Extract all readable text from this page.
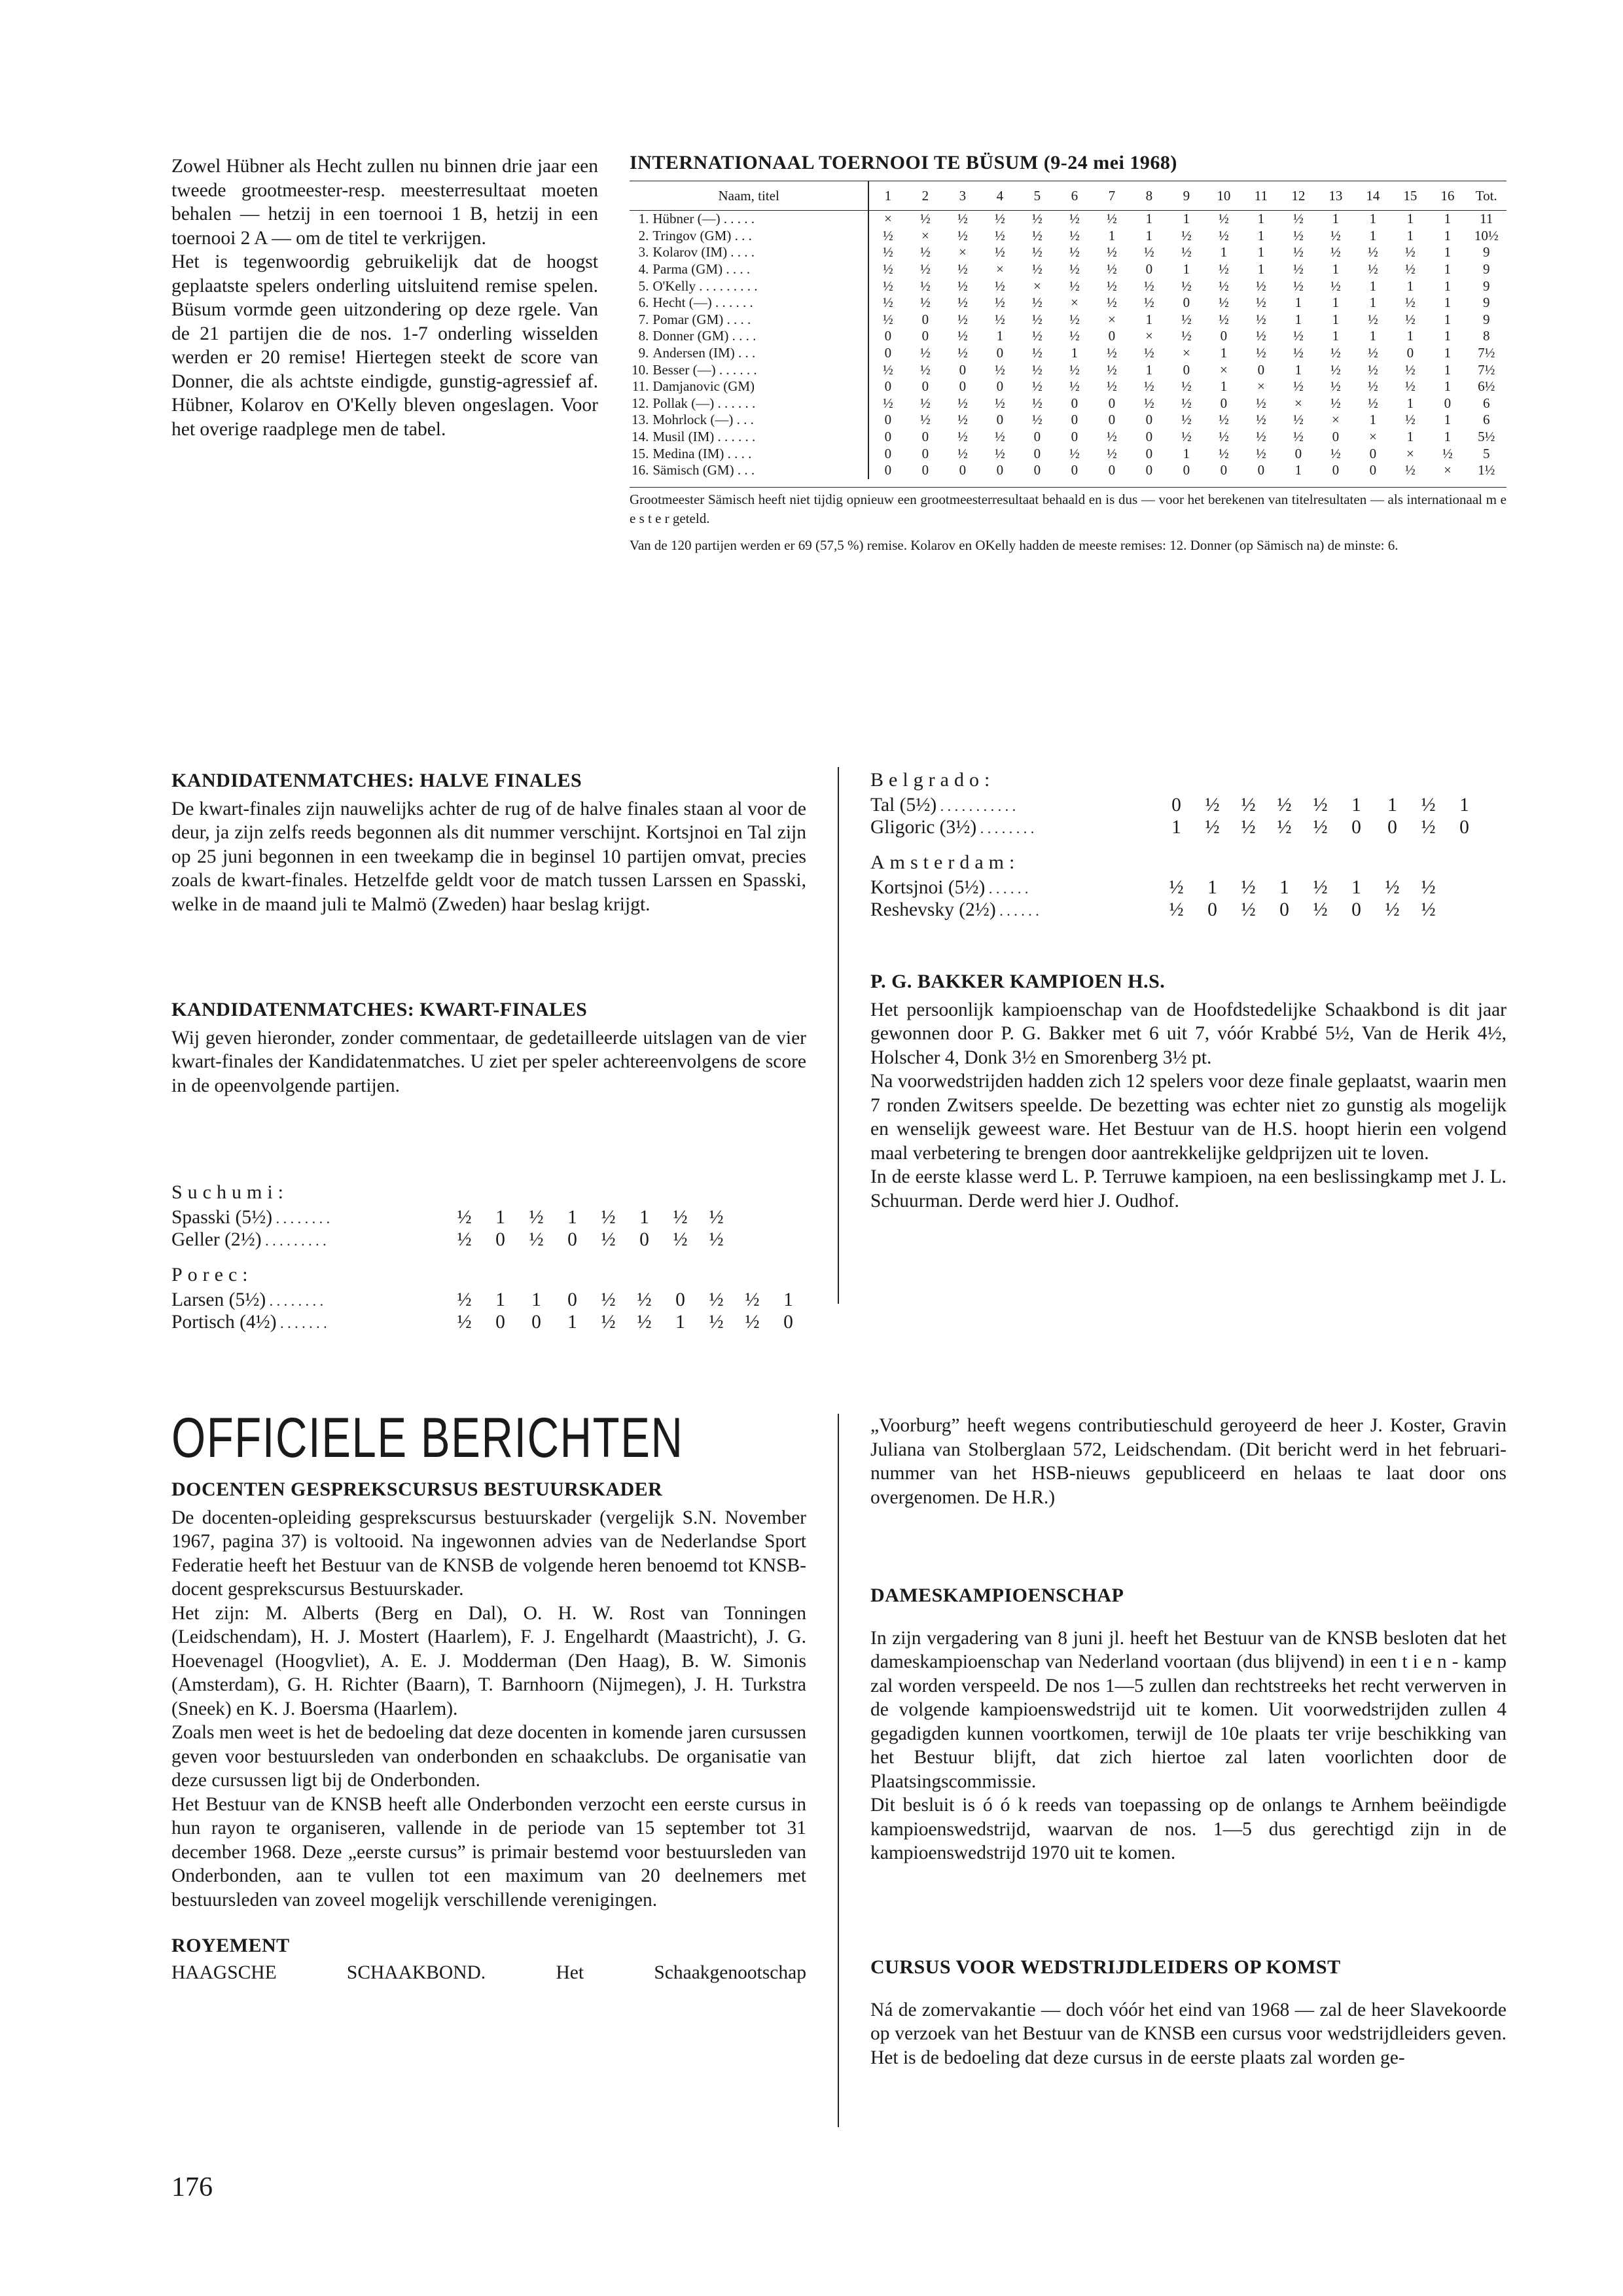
Zowel Hübner als Hecht zullen nu binnen drie jaar een tweede grootmeester-resp. meesterresultaat moeten behalen — hetzij in een toernooi 1 B, hetzij in een toernooi 2 A — om de titel te verkrijgen.

Het is tegenwoordig gebruikelijk dat de hoogst geplaatste spelers onderling uitsluitend remise spelen. Büsum vormde geen uitzondering op deze rgele. Van de 21 partijen die de nos. 1-7 onderling wisselden werden er 20 remise! Hiertegen steekt de score van Donner, die als achtste eindigde, gunstig-agressief af. Hübner, Kolarov en O'Kelly bleven ongeslagen. Voor het overige raadplege men de tabel.

INTERNATIONAAL TOERNOOI TE BÜSUM (9-24 mei 1968)
Naam, titel		1	2	3	4	5	6	7	8	9	10	11	12	13	14	15	16	Tot.
1.	Hübner (—) . . . . .	×	½	½	½	½	½	½	1	1	½	1	½	1	1	1	1	11
2.	Tringov (GM) . . .	½	×	½	½	½	½	1	1	½	½	1	½	½	1	1	1	10½
3.	Kolarov (IM) . . . .	½	½	×	½	½	½	½	½	½	1	1	½	½	½	½	1	9
4.	Parma (GM) . . . .	½	½	½	×	½	½	½	0	1	½	1	½	1	½	½	1	9
5.	O'Kelly . . . . . . . . .	½	½	½	½	×	½	½	½	½	½	½	½	½	1	1	1	9
6.	Hecht (—) . . . . . .	½	½	½	½	½	×	½	½	0	½	½	1	1	1	½	1	9
7.	Pomar (GM) . . . .	½	0	½	½	½	½	×	1	½	½	½	1	1	½	½	1	9
8.	Donner (GM) . . . .	0	0	½	1	½	½	0	×	½	0	½	½	1	1	1	1	8
9.	Andersen (IM) . . .	0	½	½	0	½	1	½	½	×	1	½	½	½	½	0	1	7½
10.	Besser (—) . . . . . .	½	½	0	½	½	½	½	1	0	×	0	1	½	½	½	1	7½
11.	Damjanovic (GM)	0	0	0	0	½	½	½	½	½	1	×	½	½	½	½	1	6½
12.	Pollak (—) . . . . . .	½	½	½	½	½	0	0	½	½	0	½	×	½	½	1	0	6
13.	Mohrlock (—) . . .	0	½	½	0	½	0	0	0	½	½	½	½	×	1	½	1	6
14.	Musil (IM) . . . . . .	0	0	½	½	0	0	½	0	½	½	½	½	0	×	1	1	5½
15.	Medina (IM) . . . .	0	0	½	½	0	½	½	0	1	½	½	0	½	0	×	½	5
16.	Sämisch (GM) . . .	0	0	0	0	0	0	0	0	0	0	0	1	0	0	½	×	1½
Grootmeester Sämisch heeft niet tijdig opnieuw een grootmeesterresultaat behaald en is dus — voor het berekenen van titelresultaten — als internationaal m e e s t e r geteld.
Van de 120 partijen werden er 69 (57,5 %) remise. Kolarov en OKelly hadden de meeste remises: 12. Donner (op Sämisch na) de minste: 6.

KANDIDATENMATCHES: HALVE FINALES

De kwart-finales zijn nauwelijks achter de rug of de halve finales staan al voor de deur, ja zijn zelfs reeds begonnen als dit nummer verschijnt. Kortsjnoi en Tal zijn op 25 juni begonnen in een tweekamp die in beginsel 10 partijen omvat, precies zoals de kwart-finales. Hetzelfde geldt voor de match tussen Larssen en Spasski, welke in de maand juli te Malmö (Zweden) haar beslag krijgt.

KANDIDATENMATCHES: KWART-FINALES

Wij geven hieronder, zonder commentaar, de gedetailleerde uitslagen van de vier kwart-finales der Kandidatenmatches. U ziet per speler achtereenvolgens de score in de opeenvolgende partijen.

Suchumi:
Spasski (5½) . . . . . . . .	½	1	½	1	½	1	½	½
Geller (2½) . . . . . . . . .	½	0	½	0	½	0	½	½
Porec:
Larsen (5½) . . . . . . . .	½	1	1	0	½	½	0	½	½	1
Portisch (4½) . . . . . . .	½	0	0	1	½	½	1	½	½	0
Belgrado:
Tal (5½) . . . . . . . . . . .	0	½	½	½	½	1	1	½	1
Gligoric (3½) . . . . . . . .	1	½	½	½	½	0	0	½	0
Amsterdam:
Kortsjnoi (5½) . . . . . .	½	1	½	1	½	1	½	½
Reshevsky (2½) . . . . . .	½	0	½	0	½	0	½	½

P. G. BAKKER KAMPIOEN H.S.

Het persoonlijk kampioenschap van de Hoofdstedelijke Schaakbond is dit jaar gewonnen door P. G. Bakker met 6 uit 7, vóór Krabbé 5½, Van de Herik 4½, Holscher 4, Donk 3½ en Smorenberg 3½ pt.

Na voorwedstrijden hadden zich 12 spelers voor deze finale geplaatst, waarin men 7 ronden Zwitsers speelde. De bezetting was echter niet zo gunstig als mogelijk en wenselijk geweest ware. Het Bestuur van de H.S. hoopt hierin een volgend maal verbetering te brengen door aantrekkelijke geldprijzen uit te loven.

In de eerste klasse werd L. P. Terruwe kampioen, na een beslissingkamp met J. L. Schuurman. Derde werd hier J. Oudhof.

OFFICIELE BERICHTEN

DOCENTEN GESPREKSCURSUS BESTUURSKADER

De docenten-opleiding gesprekscursus bestuurskader (vergelijk S.N. November 1967, pagina 37) is voltooid. Na ingewonnen advies van de Nederlandse Sport Federatie heeft het Bestuur van de KNSB de volgende heren benoemd tot KNSB-docent gesprekscursus Bestuurskader.

Het zijn: M. Alberts (Berg en Dal), O. H. W. Rost van Tonningen (Leidschendam), H. J. Mostert (Haarlem), F. J. Engelhardt (Maastricht), J. G. Hoevenagel (Hoogvliet), A. E. J. Modderman (Den Haag), B. W. Simonis (Amsterdam), G. H. Richter (Baarn), T. Barnhoorn (Nijmegen), J. H. Turkstra (Sneek) en K. J. Boersma (Haarlem).

Zoals men weet is het de bedoeling dat deze docenten in komende jaren cursussen geven voor bestuursleden van onderbonden en schaakclubs. De organisatie van deze cursussen ligt bij de Onderbonden.

Het Bestuur van de KNSB heeft alle Onderbonden verzocht een eerste cursus in hun rayon te organiseren, vallende in de periode van 15 september tot 31 december 1968. Deze „eerste cursus” is primair bestemd voor bestuursleden van Onderbonden, aan te vullen tot een maximum van 20 deelnemers met bestuursleden van zoveel mogelijk verschillende verenigingen.

ROYEMENT

HAAGSCHE SCHAAKBOND. Het Schaakgenootschap

„Voorburg” heeft wegens contributieschuld geroyeerd de heer J. Koster, Gravin Juliana van Stolberglaan 572, Leidschendam. (Dit bericht werd in het februari-nummer van het HSB-nieuws gepubliceerd en helaas te laat door ons overgenomen. De H.R.)

DAMESKAMPIOENSCHAP

In zijn vergadering van 8 juni jl. heeft het Bestuur van de KNSB besloten dat het dameskampioenschap van Nederland voortaan (dus blijvend) in een t i e n - kamp zal worden verspeeld. De nos 1—5 zullen dan rechtstreeks het recht verwerven in de volgende kampioenswedstrijd uit te komen. Uit voorwedstrijden zullen 4 gegadigden kunnen voortkomen, terwijl de 10e plaats ter vrije beschikking van het Bestuur blijft, dat zich hiertoe zal laten voorlichten door de Plaatsingscommissie.

Dit besluit is ó ó k reeds van toepassing op de onlangs te Arnhem beëindigde kampioenswedstrijd, waarvan de nos. 1—5 dus gerechtigd zijn in de kampioenswedstrijd 1970 uit te komen.

CURSUS VOOR WEDSTRIJDLEIDERS OP KOMST

Ná de zomervakantie — doch vóór het eind van 1968 — zal de heer Slavekoorde op verzoek van het Bestuur van de KNSB een cursus voor wedstrijdleiders geven. Het is de bedoeling dat deze cursus in de eerste plaats zal worden ge-

176
